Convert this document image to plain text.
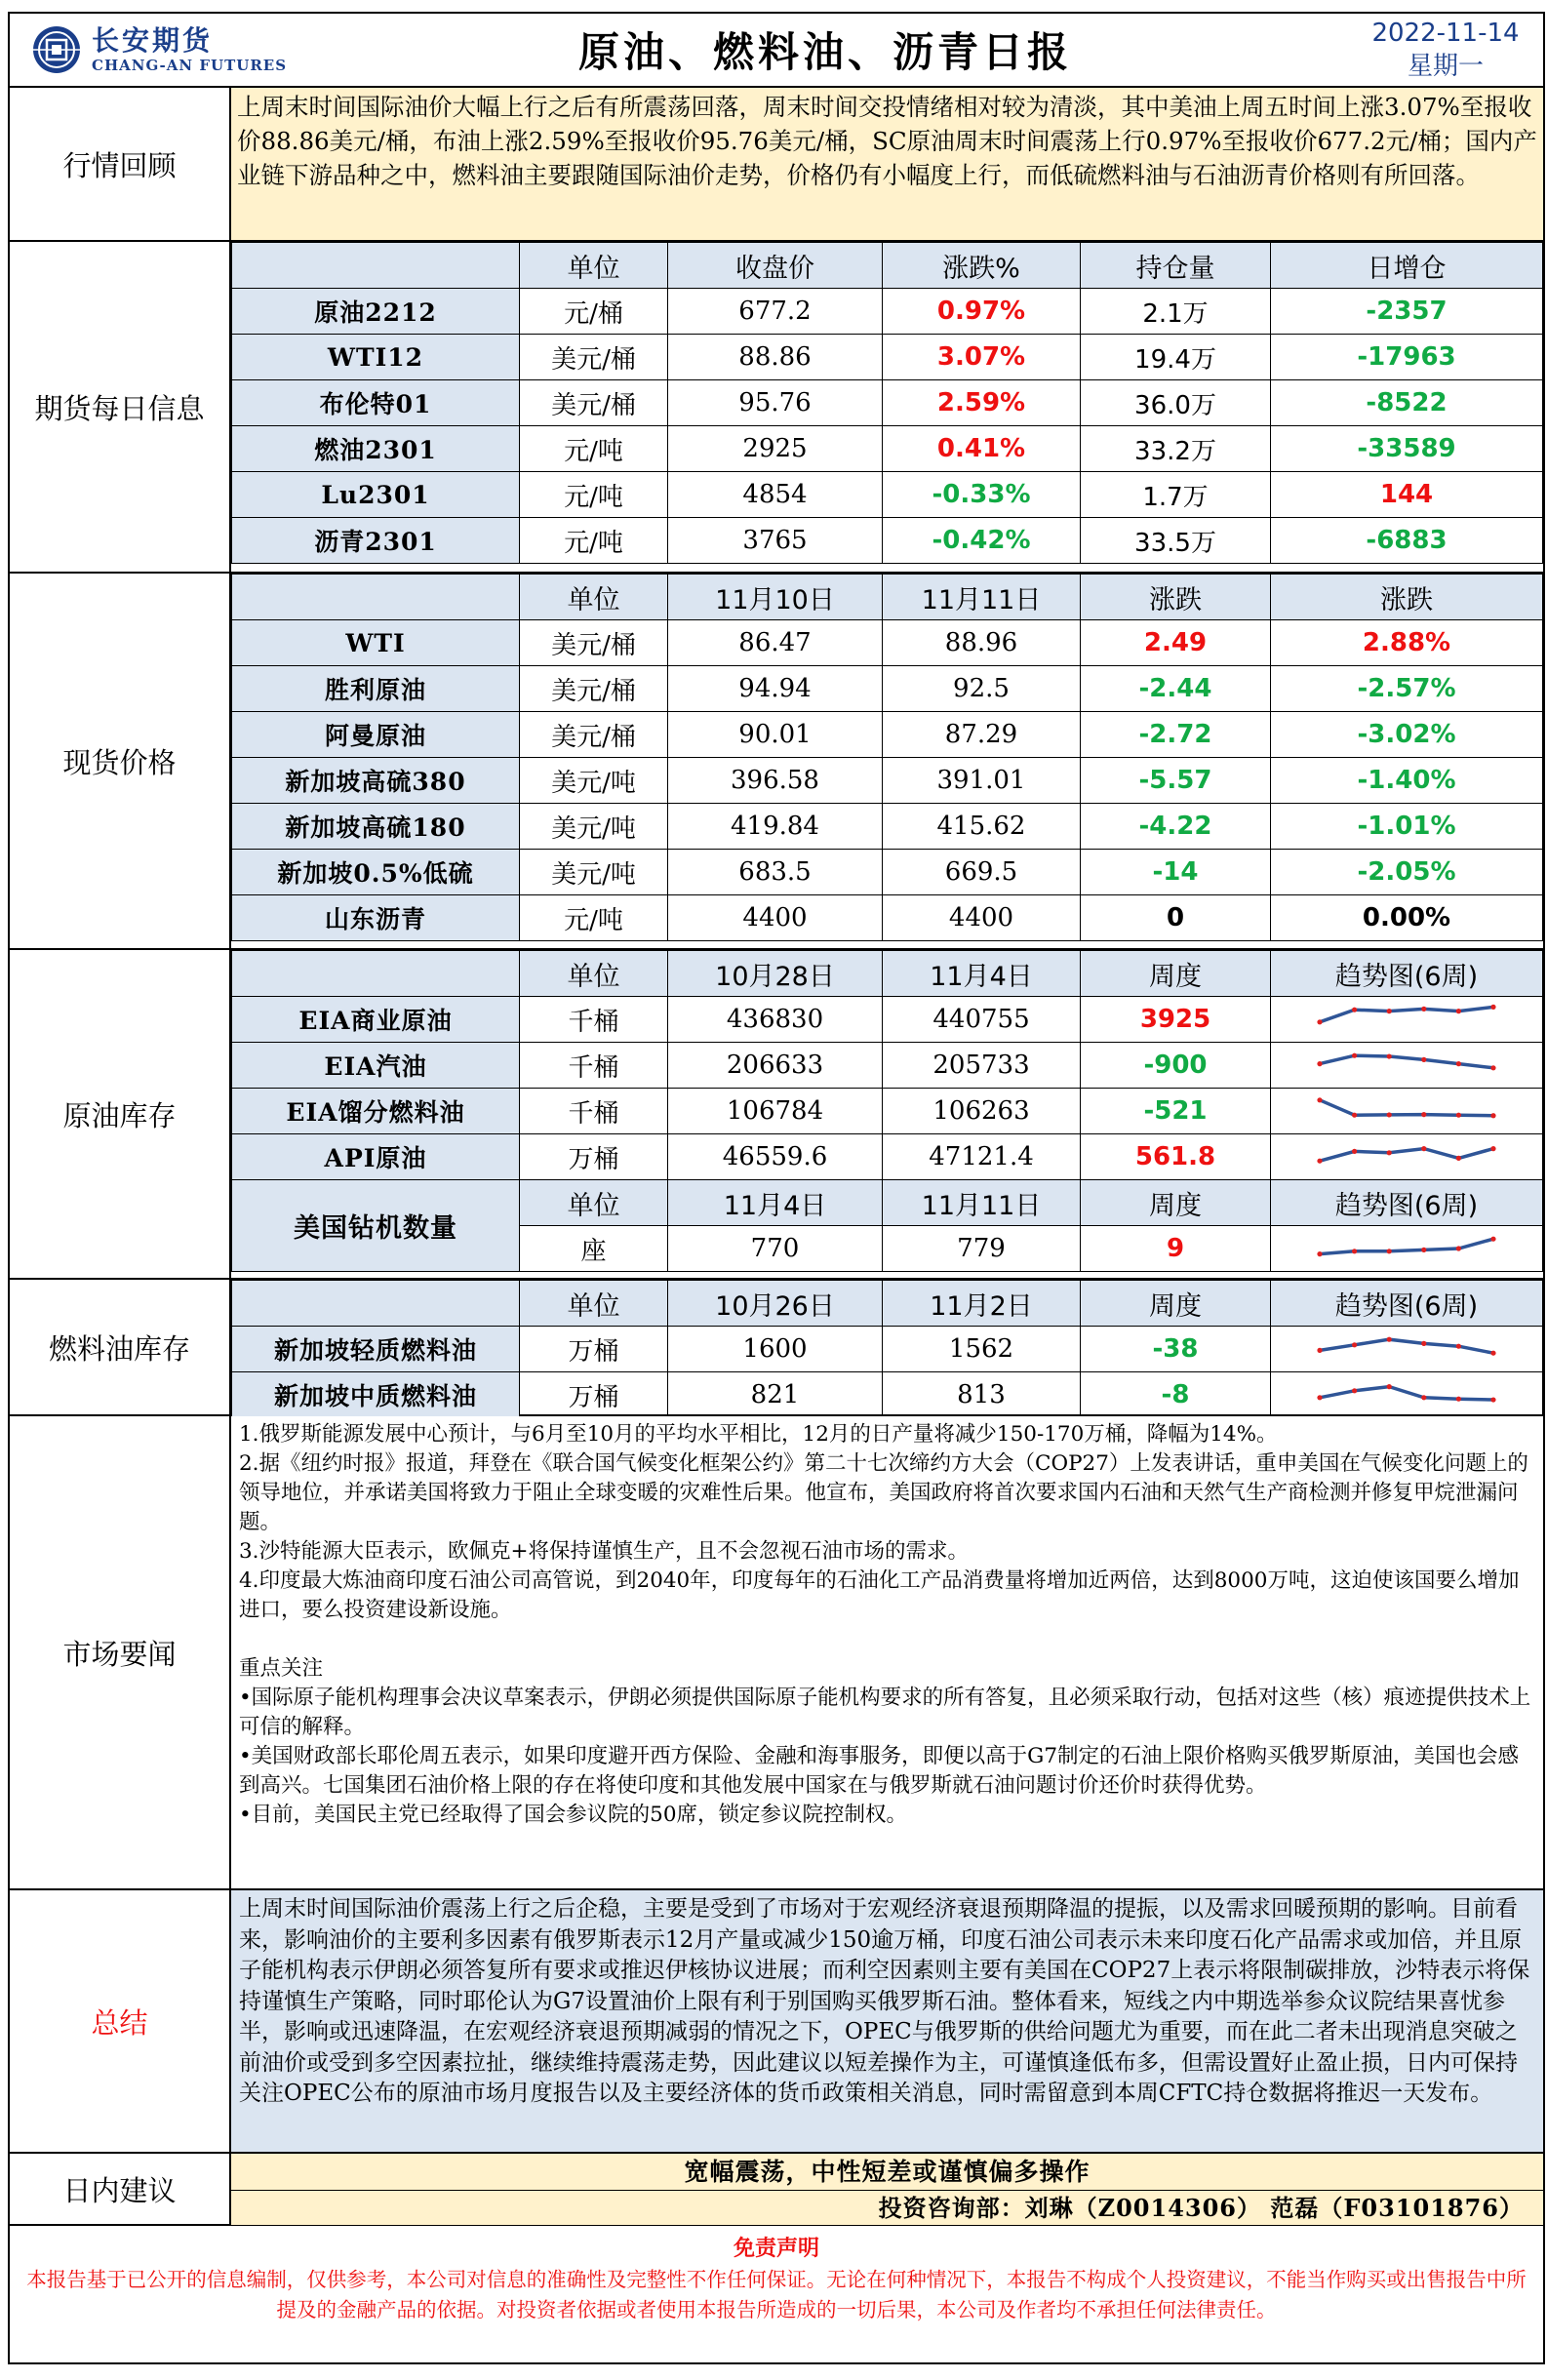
长安期货
CHANG-AN FUTURES	原油、燃料油、沥青日报	2022-11-14
星期一
行情回顾
上周末时间国际油价大幅上行之后有所震荡回落，周末时间交投情绪相对较为清淡，其中美油上周五时间上涨3.07%至报收价88.86美元/桶，布油上涨2.59%至报收价95.76美元/桶，SC原油周末时间震荡上行0.97%至报收价677.2元/桶；国内产业链下游品种之中，燃料油主要跟随国际油价走势，价格仍有小幅度上行，而低硫燃料油与石油沥青价格则有所回落。
期货每日信息
	单位	收盘价	涨跌%	持仓量	日增仓
原油2212	元/桶	677.2	0.97%	2.1万	-2357
WTI12	美元/桶	88.86	3.07%	19.4万	-17963
布伦特01	美元/桶	95.76	2.59%	36.0万	-8522
燃油2301	元/吨	2925	0.41%	33.2万	-33589
Lu2301	元/吨	4854	-0.33%	1.7万	144
沥青2301	元/吨	3765	-0.42%	33.5万	-6883
现货价格
	单位	11月10日	11月11日	涨跌	涨跌
WTI	美元/桶	86.47	88.96	2.49	2.88%
胜利原油	美元/桶	94.94	92.5	-2.44	-2.57%
阿曼原油	美元/桶	90.01	87.29	-2.72	-3.02%
新加坡高硫380	美元/吨	396.58	391.01	-5.57	-1.40%
新加坡高硫180	美元/吨	419.84	415.62	-4.22	-1.01%
新加坡0.5%低硫	美元/吨	683.5	669.5	-14	-2.05%
山东沥青	元/吨	4400	4400	0	0.00%
原油库存
	单位	10月28日	11月4日	周度	趋势图(6周)
EIA商业原油	千桶	436830	440755	3925	

EIA汽油	千桶	206633	205733	-900	

EIA馏分燃料油	千桶	106784	106263	-521	

API原油	万桶	46559.6	47121.4	561.8	

美国钻机数量	单位	11月4日	11月11日	周度	趋势图(6周)
	座	770	779	9	
燃料油库存
	单位	10月26日	11月2日	周度	趋势图(6周)
新加坡轻质燃料油	万桶	1600	1562	-38	

新加坡中质燃料油	万桶	821	813	-8	
市场要闻

1.俄罗斯能源发展中心预计，与6月至10月的平均水平相比，12月的日产量将减少150-170万桶，降幅为14%。

2.据《纽约时报》报道，拜登在《联合国气候变化框架公约》第二十七次缔约方大会（COP27）上发表讲话，重申美国在气候变化问题上的领导地位，并承诺美国将致力于阻止全球变暖的灾难性后果。他宣布，美国政府将首次要求国内石油和天然气生产商检测并修复甲烷泄漏问题。

3.沙特能源大臣表示，欧佩克+将保持谨慎生产，且不会忽视石油市场的需求。

4.印度最大炼油商印度石油公司高管说，到2040年，印度每年的石油化工产品消费量将增加近两倍，达到8000万吨，这迫使该国要么增加进口，要么投资建设新设施。

重点关注

•国际原子能机构理事会决议草案表示，伊朗必须提供国际原子能机构要求的所有答复，且必须采取行动，包括对这些（核）痕迹提供技术上可信的解释。

•美国财政部长耶伦周五表示，如果印度避开西方保险、金融和海事服务，即便以高于G7制定的石油上限价格购买俄罗斯原油，美国也会感到高兴。七国集团石油价格上限的存在将使印度和其他发展中国家在与俄罗斯就石油问题讨价还价时获得优势。

•目前，美国民主党已经取得了国会参议院的50席，锁定参议院控制权。

总结
上周末时间国际油价震荡上行之后企稳，主要是受到了市场对于宏观经济衰退预期降温的提振，以及需求回暖预期的影响。目前看来，影响油价的主要利多因素有俄罗斯表示12月产量或减少150逾万桶，印度石油公司表示未来印度石化产品需求或加倍，并且原子能机构表示伊朗必须答复所有要求或推迟伊核协议进展；而利空因素则主要有美国在COP27上表示将限制碳排放，沙特表示将保持谨慎生产策略，同时耶伦认为G7设置油价上限有利于别国购买俄罗斯石油。整体看来，短线之内中期选举参众议院结果喜忧参半，影响或迅速降温，在宏观经济衰退预期减弱的情况之下，OPEC与俄罗斯的供给问题尤为重要，而在此二者未出现消息突破之前油价或受到多空因素拉扯，继续维持震荡走势，因此建议以短差操作为主，可谨慎逢低布多，但需设置好止盈止损，日内可保持关注OPEC公布的原油市场月度报告以及主要经济体的货币政策相关消息，同时需留意到本周CFTC持仓数据将推迟一天发布。
日内建议
宽幅震荡，中性短差或谨慎偏多操作
投资咨询部：刘琳（Z0014306） 范磊（F03101876）
免责声明
本报告基于已公开的信息编制，仅供参考，本公司对信息的准确性及完整性不作任何保证。无论在何种情况下，本报告不构成个人投资建议，不能当作购买或出售报告中所提及的金融产品的依据。对投资者依据或者使用本报告所造成的一切后果，本公司及作者均不承担任何法律责任。
